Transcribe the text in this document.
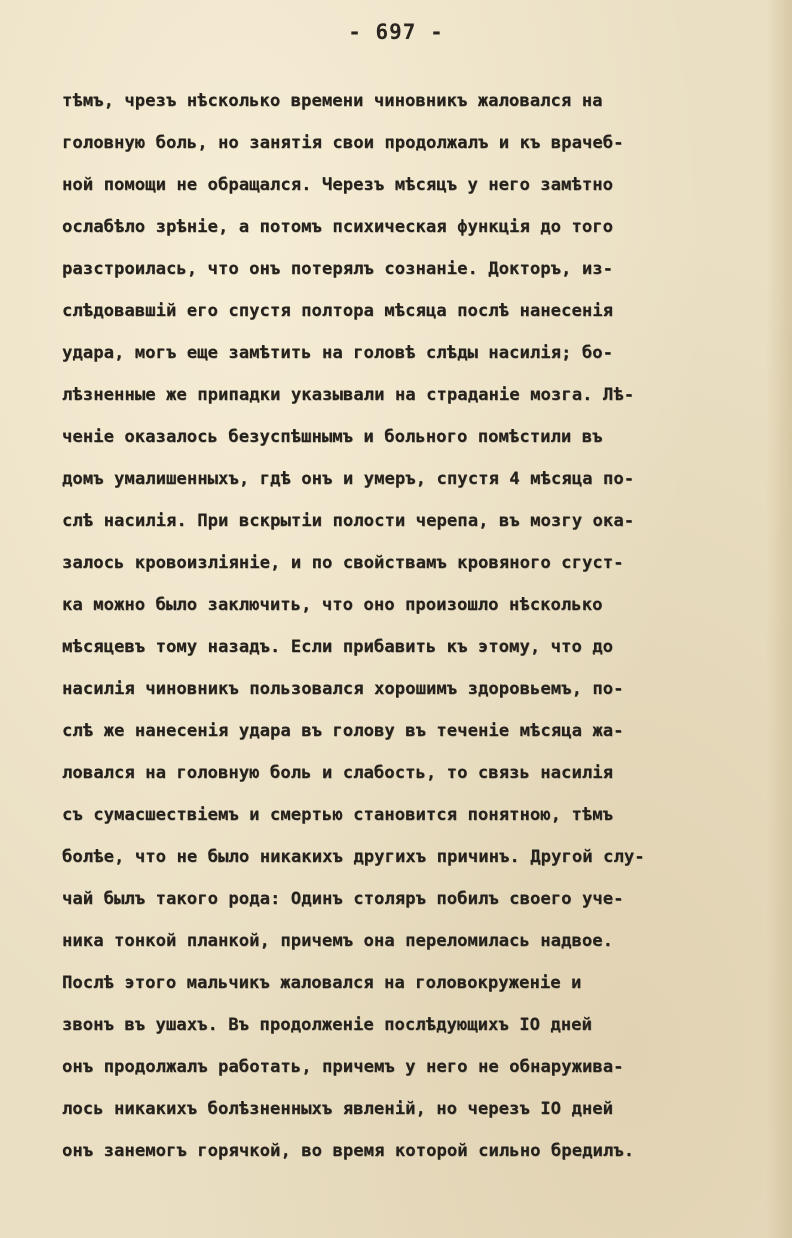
- 697 -
тѣмъ, чрезъ нѣсколько времени чиновникъ жаловался на
головную боль, но занятія свои продолжалъ и къ врачеб-
ной помощи не обращался. Черезъ мѣсяцъ у него замѣтно
ослабѣло зрѣніе, а потомъ психическая функція до того
разстроилась, что онъ потерялъ сознаніе. Докторъ, из-
слѣдовавшій его спустя полтора мѣсяца послѣ нанесенія
удара, могъ еще замѣтить на головѣ слѣды насилія; бо-
лѣзненные же припадки указывали на страданіе мозга. Лѣ-
ченіе оказалось безуспѣшнымъ и больного помѣстили въ
домъ умалишенныхъ, гдѣ онъ и умеръ, спустя 4 мѣсяца по-
слѣ насилія. При вскрытіи полости черепа, въ мозгу ока-
залось кровоизліяніе, и по свойствамъ кровяного сгуст-
ка можно было заключить, что оно произошло нѣсколько
мѣсяцевъ тому назадъ. Если прибавить къ этому, что до
насилія чиновникъ пользовался хорошимъ здоровьемъ, по-
слѣ же нанесенія удара въ голову въ теченіе мѣсяца жа-
ловался на головную боль и слабость, то связь насилія
съ сумасшествіемъ и смертью становится понятною, тѣмъ
болѣе, что не было никакихъ другихъ причинъ. Другой слу-
чай былъ такого рода: Одинъ столяръ побилъ своего уче-
ника тонкой планкой, причемъ она переломилась надвое.
Послѣ этого мальчикъ жаловался на головокруженіе и
звонъ въ ушахъ. Въ продолженіе послѣдующихъ IO дней
онъ продолжалъ работать, причемъ у него не обнаружива-
лось никакихъ болѣзненныхъ явленій, но черезъ IO дней
онъ занемогъ горячкой, во время которой сильно бредилъ.
